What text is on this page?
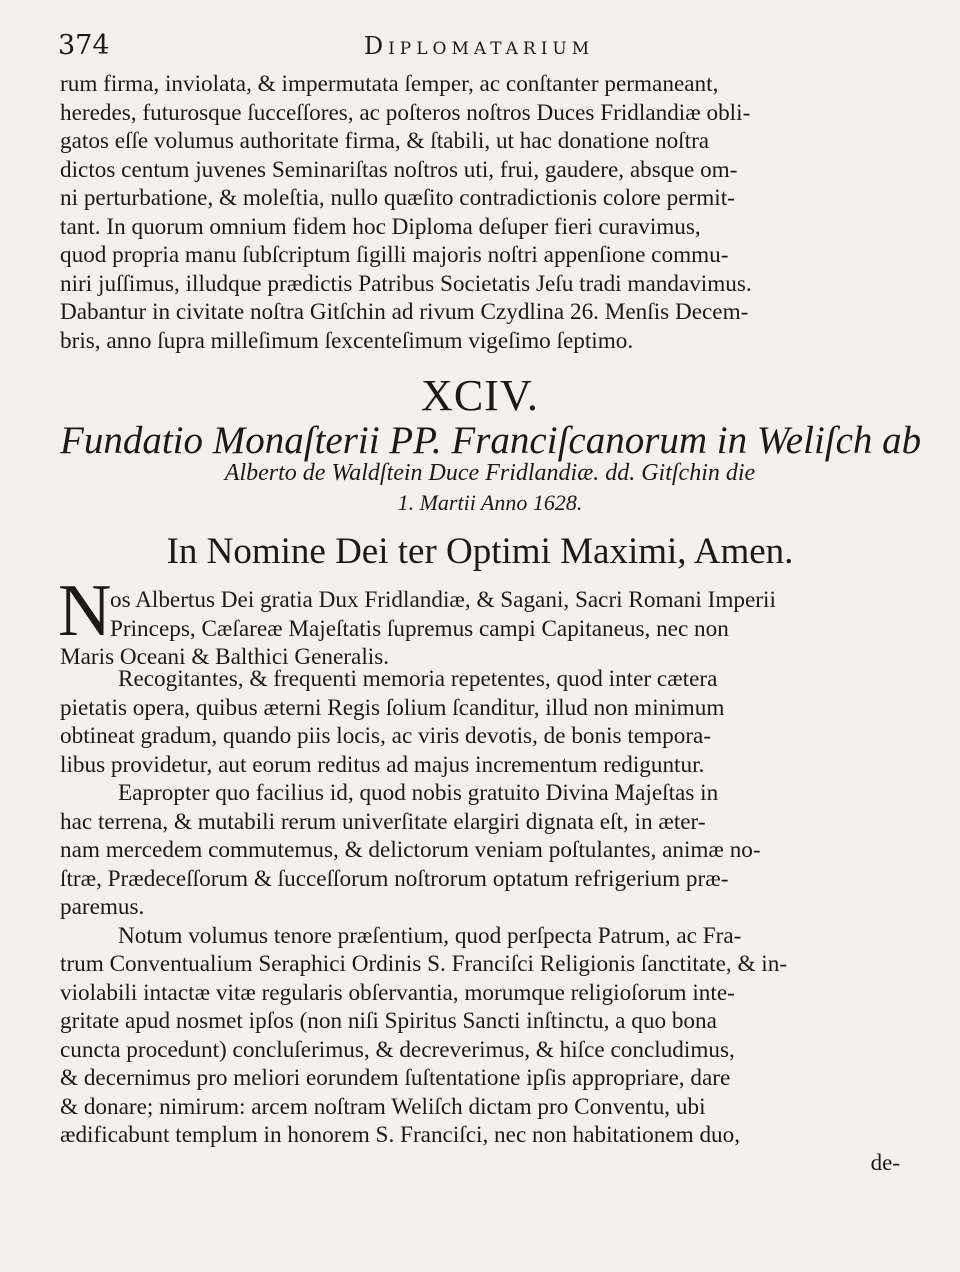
374	Diplomatarium
rum firma, inviolata, & impermutata ſemper, ac conſtanter permaneant,
heredes, futurosque ſucceſſores, ac poſteros noſtros Duces Fridlandiæ obli-
gatos eſſe volumus authoritate firma, & ſtabili, ut hac donatione noſtra
dictos centum juvenes Seminariſtas noſtros uti, frui, gaudere, absque om-
ni perturbatione, & moleſtia, nullo quæſito contradictionis colore permit-
tant. In quorum omnium fidem hoc Diploma deſuper fieri curavimus,
quod propria manu ſubſcriptum ſigilli majoris noſtri appenſione commu-
niri juſſimus, illudque prædictis Patribus Societatis Jeſu tradi mandavimus.
Dabantur in civitate noſtra Gitſchin ad rivum Czydlina 26. Menſis Decem-
bris, anno ſupra milleſimum ſexcenteſimum vigeſimo ſeptimo.
XCIV.
Fundatio Monaſterii PP. Franciſcanorum in Weliſch ab
Alberto de Waldſtein Duce Fridlandiæ. dd. Gitſchin die
1. Martii Anno 1628.
In Nomine Dei ter Optimi Maximi, Amen.
N
os Albertus Dei gratia Dux Fridlandiæ, & Sagani, Sacri Romani Imperii
Princeps, Cæſareæ Majeſtatis ſupremus campi Capitaneus, nec non
Maris Oceani & Balthici Generalis.
Recogitantes, & frequenti memoria repetentes, quod inter cætera
pietatis opera, quibus æterni Regis ſolium ſcanditur, illud non minimum
obtineat gradum, quando piis locis, ac viris devotis, de bonis tempora-
libus providetur, aut eorum reditus ad majus incrementum rediguntur.
Eapropter quo facilius id, quod nobis gratuito Divina Majeſtas in
hac terrena, & mutabili rerum univerſitate elargiri dignata eſt, in æter-
nam mercedem commutemus, & delictorum veniam poſtulantes, animæ no-
ſtræ, Prædeceſſorum & ſucceſſorum noſtrorum optatum refrigerium præ-
paremus.
Notum volumus tenore præſentium, quod perſpecta Patrum, ac Fra-
trum Conventualium Seraphici Ordinis S. Franciſci Religionis ſanctitate, & in-
violabili intactæ vitæ regularis obſervantia, morumque religioſorum inte-
gritate apud nosmet ipſos (non niſi Spiritus Sancti inſtinctu, a quo bona
cuncta procedunt) concluſerimus, & decreverimus, & hiſce concludimus,
& decernimus pro meliori eorundem ſuſtentatione ipſis appropriare, dare
& donare; nimirum: arcem noſtram Weliſch dictam pro Conventu, ubi
ædificabunt templum in honorem S. Franciſci, nec non habitationem duo,
de-
